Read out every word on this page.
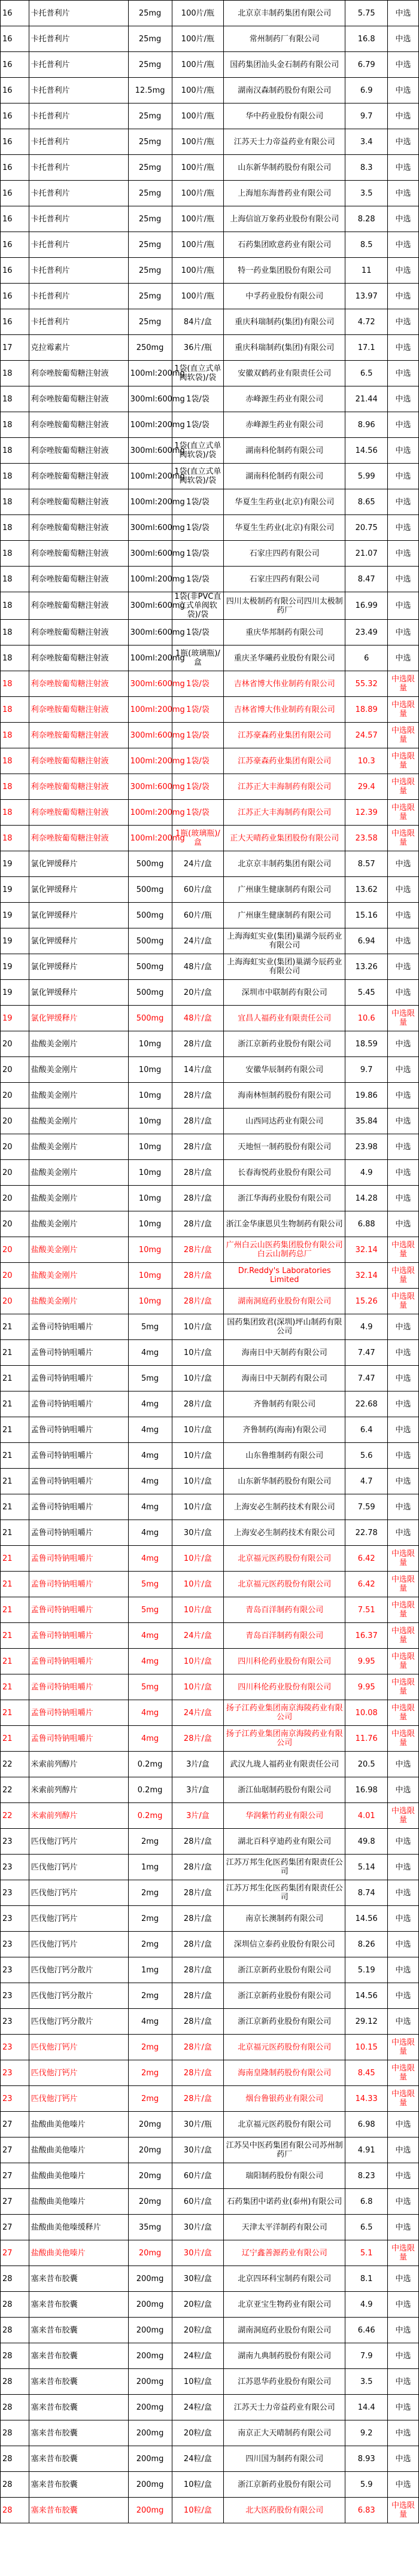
16	卡托普利片	25mg	100片/瓶	北京京丰制药集团有限公司	5.75	中选
16	卡托普利片	25mg	100片/瓶	常州制药厂有限公司	16.8	中选
16	卡托普利片	25mg	100片/瓶	国药集团汕头金石制药有限公司	6.79	中选
16	卡托普利片	12.5mg	100片/瓶	湖南汉森制药股份有限公司	6.9	中选
16	卡托普利片	25mg	100片/瓶	华中药业股份有限公司	9.7	中选
16	卡托普利片	25mg	100片/瓶	江苏天士力帝益药业有限公司	3.4	中选
16	卡托普利片	25mg	100片/瓶	山东新华制药股份有限公司	8.3	中选
16	卡托普利片	25mg	100片/瓶	上海旭东海普药业有限公司	3.5	中选
16	卡托普利片	25mg	100片/瓶	上海信谊万象药业股份有限公司	8.28	中选
16	卡托普利片	25mg	100片/瓶	石药集团欧意药业有限公司	8.5	中选
16	卡托普利片	25mg	100片/瓶	特一药业集团股份有限公司	11	中选
16	卡托普利片	25mg	100片/瓶	中孚药业股份有限公司	13.97	中选
16	卡托普利片	25mg	84片/盒	重庆科瑞制药(集团)有限公司	4.72	中选
17	克拉霉素片	250mg	36片/瓶	重庆科瑞制药(集团)有限公司	17.1	中选
18	利奈唑胺葡萄糖注射液	100ml:200mg	1袋(直立式单阀软袋)/袋	安徽双鹤药业有限责任公司	6.5	中选
18	利奈唑胺葡萄糖注射液	300ml:600mg	1袋/袋	赤峰源生药业有限公司	21.44	中选
18	利奈唑胺葡萄糖注射液	100ml:200mg	1袋/袋	赤峰源生药业有限公司	8.96	中选
18	利奈唑胺葡萄糖注射液	300ml:600mg	1袋(直立式单阀软袋)/袋	湖南科伦制药有限公司	14.56	中选
18	利奈唑胺葡萄糖注射液	100ml:200mg	1袋(直立式单阀软袋)/袋	湖南科伦制药有限公司	5.99	中选
18	利奈唑胺葡萄糖注射液	100ml:200mg	1袋/袋	华夏生生药业(北京)有限公司	8.65	中选
18	利奈唑胺葡萄糖注射液	300ml:600mg	1袋/袋	华夏生生药业(北京)有限公司	20.75	中选
18	利奈唑胺葡萄糖注射液	300ml:600mg	1袋/袋	石家庄四药有限公司	21.07	中选
18	利奈唑胺葡萄糖注射液	100ml:200mg	1袋/袋	石家庄四药有限公司	8.47	中选
18	利奈唑胺葡萄糖注射液	300ml:600mg	1袋(非PVC直立式单阀软袋)/袋	四川太极制药有限公司四川太极制药厂	16.99	中选
18	利奈唑胺葡萄糖注射液	300ml:600mg	1袋/袋	重庆华邦制药有限公司	23.49	中选
18	利奈唑胺葡萄糖注射液	100ml:200mg	1瓶(玻璃瓶)/盒	重庆圣华曦药业股份有限公司	6	中选
18	利奈唑胺葡萄糖注射液	300ml:600mg	1袋/袋	吉林省博大伟业制药有限公司	55.32	中选限量
18	利奈唑胺葡萄糖注射液	100ml:200mg	1袋/袋	吉林省博大伟业制药有限公司	18.89	中选限量
18	利奈唑胺葡萄糖注射液	300ml:600mg	1袋/袋	江苏豪森药业集团有限公司	24.57	中选限量
18	利奈唑胺葡萄糖注射液	100ml:200mg	1袋/袋	江苏豪森药业集团有限公司	10.3	中选限量
18	利奈唑胺葡萄糖注射液	300ml:600mg	1袋/袋	江苏正大丰海制药有限公司	29.4	中选限量
18	利奈唑胺葡萄糖注射液	100ml:200mg	1袋/袋	江苏正大丰海制药有限公司	12.39	中选限量
18	利奈唑胺葡萄糖注射液	100ml:200mg	1瓶(玻璃瓶)/盒	正大天晴药业集团股份有限公司	23.58	中选限量
19	氯化钾缓释片	500mg	24片/盒	北京京丰制药集团有限公司	8.57	中选
19	氯化钾缓释片	500mg	60片/盒	广州康生健康制药有限公司	13.62	中选
19	氯化钾缓释片	500mg	60片/瓶	广州康生健康制药有限公司	15.16	中选
19	氯化钾缓释片	500mg	24片/盒	上海海虹实业(集团)巢湖今辰药业有限公司	6.94	中选
19	氯化钾缓释片	500mg	48片/盒	上海海虹实业(集团)巢湖今辰药业有限公司	13.26	中选
19	氯化钾缓释片	500mg	20片/盒	深圳市中联制药有限公司	5.45	中选
19	氯化钾缓释片	500mg	48片/盒	宜昌人福药业有限责任公司	10.6	中选限量
20	盐酸美金刚片	10mg	28片/盒	浙江京新药业股份有限公司	18.59	中选
20	盐酸美金刚片	10mg	14片/盒	安徽华辰制药有限公司	9.7	中选
20	盐酸美金刚片	10mg	28片/盒	海南林恒制药股份有限公司	19.86	中选
20	盐酸美金刚片	10mg	28片/盒	山西同达药业有限公司	35.84	中选
20	盐酸美金刚片	10mg	28片/盒	天地恒一制药股份有限公司	23.98	中选
20	盐酸美金刚片	10mg	28片/盒	长春海悦药业股份有限公司	4.9	中选
20	盐酸美金刚片	10mg	28片/盒	浙江华海药业股份有限公司	14.28	中选
20	盐酸美金刚片	10mg	28片/盒	浙江金华康恩贝生物制药有限公司	6.88	中选
20	盐酸美金刚片	10mg	28片/盒	广州白云山医药集团股份有限公司白云山制药总厂	32.14	中选限量
20	盐酸美金刚片	10mg	28片/盒	Dr.Reddy's Laboratories Limited	32.14	中选限量
20	盐酸美金刚片	10mg	28片/盒	湖南洞庭药业股份有限公司	15.26	中选限量
21	孟鲁司特钠咀嚼片	5mg	10片/盒	国药集团致君(深圳)坪山制药有限公司	4.9	中选
21	孟鲁司特钠咀嚼片	4mg	10片/盒	海南日中天制药有限公司	7.47	中选
21	孟鲁司特钠咀嚼片	5mg	10片/盒	海南日中天制药有限公司	7.47	中选
21	孟鲁司特钠咀嚼片	4mg	28片/盒	齐鲁制药有限公司	22.68	中选
21	孟鲁司特钠咀嚼片	4mg	10片/盒	齐鲁制药(海南)有限公司	6.4	中选
21	孟鲁司特钠咀嚼片	4mg	10片/盒	山东鲁维制药有限公司	5.6	中选
21	孟鲁司特钠咀嚼片	4mg	10片/盒	山东新华制药股份有限公司	4.7	中选
21	孟鲁司特钠咀嚼片	4mg	10片/盒	上海安必生制药技术有限公司	7.59	中选
21	孟鲁司特钠咀嚼片	4mg	30片/盒	上海安必生制药技术有限公司	22.78	中选
21	孟鲁司特钠咀嚼片	4mg	10片/盒	北京福元医药股份有限公司	6.42	中选限量
21	孟鲁司特钠咀嚼片	5mg	10片/盒	北京福元医药股份有限公司	6.42	中选限量
21	孟鲁司特钠咀嚼片	5mg	10片/盒	青岛百洋制药有限公司	7.51	中选限量
21	孟鲁司特钠咀嚼片	4mg	24片/盒	青岛百洋制药有限公司	16.37	中选限量
21	孟鲁司特钠咀嚼片	4mg	10片/盒	四川科伦药业股份有限公司	9.95	中选限量
21	孟鲁司特钠咀嚼片	5mg	10片/盒	四川科伦药业股份有限公司	9.95	中选限量
21	孟鲁司特钠咀嚼片	4mg	24片/盒	扬子江药业集团南京海陵药业有限公司	10.08	中选限量
21	孟鲁司特钠咀嚼片	4mg	28片/盒	扬子江药业集团南京海陵药业有限公司	11.76	中选限量
22	米索前列醇片	0.2mg	3片/盒	武汉九珑人福药业有限责任公司	20.5	中选
22	米索前列醇片	0.2mg	3片/盒	浙江仙琚制药股份有限公司	16.98	中选
22	米索前列醇片	0.2mg	3片/盒	华润紫竹药业有限公司	4.01	中选限量
23	匹伐他汀钙片	2mg	28片/盒	湖北百科亨迪药业有限公司	49.8	中选
23	匹伐他汀钙片	1mg	28片/盒	江苏万邦生化医药集团有限责任公司	5.14	中选
23	匹伐他汀钙片	2mg	28片/盒	江苏万邦生化医药集团有限责任公司	8.74	中选
23	匹伐他汀钙片	2mg	28片/盒	南京长澳制药有限公司	14.56	中选
23	匹伐他汀钙片	2mg	28片/盒	深圳信立泰药业股份有限公司	8.26	中选
23	匹伐他汀钙分散片	1mg	28片/盒	浙江京新药业股份有限公司	5.19	中选
23	匹伐他汀钙分散片	2mg	28片/盒	浙江京新药业股份有限公司	14.56	中选
23	匹伐他汀钙分散片	4mg	28片/盒	浙江京新药业股份有限公司	29.12	中选
23	匹伐他汀钙片	2mg	28片/盒	北京福元医药股份有限公司	10.15	中选限量
23	匹伐他汀钙片	2mg	28片/盒	海南皇隆制药股份有限公司	8.45	中选限量
23	匹伐他汀钙片	2mg	28片/盒	烟台鲁银药业有限公司	14.33	中选限量
27	盐酸曲美他嗪片	20mg	30片/瓶	北京福元医药股份有限公司	6.98	中选
27	盐酸曲美他嗪片	20mg	30片/盒	江苏吴中医药集团有限公司苏州制药厂	4.91	中选
27	盐酸曲美他嗪片	20mg	60片/盒	瑞阳制药股份有限公司	8.23	中选
27	盐酸曲美他嗪片	20mg	60片/盒	石药集团中诺药业(泰州)有限公司	6.8	中选
27	盐酸曲美他嗪缓释片	35mg	30片/盒	天津太平洋制药有限公司	6.5	中选
27	盐酸曲美他嗪片	20mg	30片/盒	辽宁鑫善源药业有限公司	5.1	中选限量
28	塞来昔布胶囊	200mg	30粒/盒	北京四环科宝制药有限公司	8.1	中选
28	塞来昔布胶囊	200mg	20粒/盒	北京亚宝生物药业有限公司	4.9	中选
28	塞来昔布胶囊	200mg	20粒/盒	湖南洞庭药业股份有限公司	6.46	中选
28	塞来昔布胶囊	200mg	24粒/盒	湖南九典制药股份有限公司	7.9	中选
28	塞来昔布胶囊	200mg	10粒/盒	江苏恩华药业股份有限公司	3.5	中选
28	塞来昔布胶囊	200mg	24粒/盒	江苏天士力帝益药业有限公司	14.4	中选
28	塞来昔布胶囊	200mg	20粒/盒	南京正大天晴制药有限公司	9.2	中选
28	塞来昔布胶囊	200mg	24粒/盒	四川国为制药有限公司	8.93	中选
28	塞来昔布胶囊	200mg	10粒/盒	浙江京新药业股份有限公司	5.9	中选
28	塞来昔布胶囊	200mg	10粒/盒	北大医药股份有限公司	6.83	中选限量
